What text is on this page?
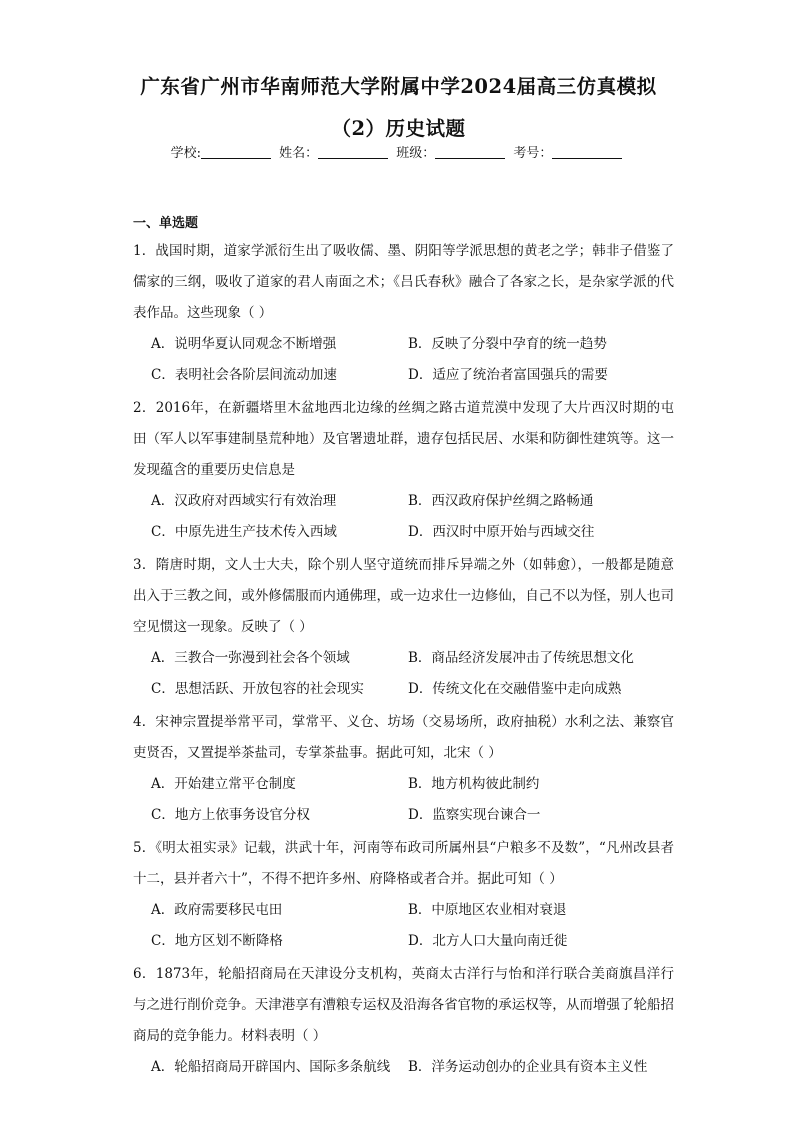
广东省广州市华南师范大学附属中学2024届高三仿真模拟
（2）历史试题
学校:	姓名：	班级：	考号：
一、单选题
1．战国时期，道家学派衍生出了吸收儒、墨、阴阳等学派思想的黄老之学；韩非子借鉴了儒家的三纲，吸收了道家的君人南面之术；《吕氏春秋》融合了各家之长，是杂家学派的代表作品。这些现象（ ）
A．说明华夏认同观念不断增强	B．反映了分裂中孕育的统一趋势
C．表明社会各阶层间流动加速	D．适应了统治者富国强兵的需要
2．2016年，在新疆塔里木盆地西北边缘的丝绸之路古道荒漠中发现了大片西汉时期的屯田（军人以军事建制垦荒种地）及官署遗址群，遗存包括民居、水渠和防御性建筑等。这一发现蕴含的重要历史信息是
A．汉政府对西域实行有效治理	B．西汉政府保护丝绸之路畅通
C．中原先进生产技术传入西域	D．西汉时中原开始与西域交往
3．隋唐时期，文人士大夫，除个别人坚守道统而排斥异端之外（如韩愈），一般都是随意出入于三教之间，或外修儒服而内通佛理，或一边求仕一边修仙，自己不以为怪，别人也司空见惯这一现象。反映了（ ）
A．三教合一弥漫到社会各个领域	B．商品经济发展冲击了传统思想文化
C．思想活跃、开放包容的社会现实	D．传统文化在交融借鉴中走向成熟
4．宋神宗置提举常平司，掌常平、义仓、坊场（交易场所，政府抽税）水利之法、兼察官吏贤否，又置提举茶盐司，专掌茶盐事。据此可知，北宋（ ）
A．开始建立常平仓制度	B．地方机构彼此制约
C．地方上依事务设官分权	D．监察实现台谏合一
5．《明太祖实录》记载，洪武十年，河南等布政司所属州县“户粮多不及数”，“凡州改县者十二，县并者六十”，不得不把许多州、府降格或者合并。据此可知（ ）
A．政府需要移民屯田	B．中原地区农业相对衰退
C．地方区划不断降格	D．北方人口大量向南迁徙
6．1873年，轮船招商局在天津设分支机构，英商太古洋行与怡和洋行联合美商旗昌洋行与之进行削价竞争。天津港享有漕粮专运权及沿海各省官物的承运权等，从而增强了轮船招商局的竞争能力。材料表明（ ）
A．轮船招商局开辟国内、国际多条航线	B．洋务运动创办的企业具有资本主义性
